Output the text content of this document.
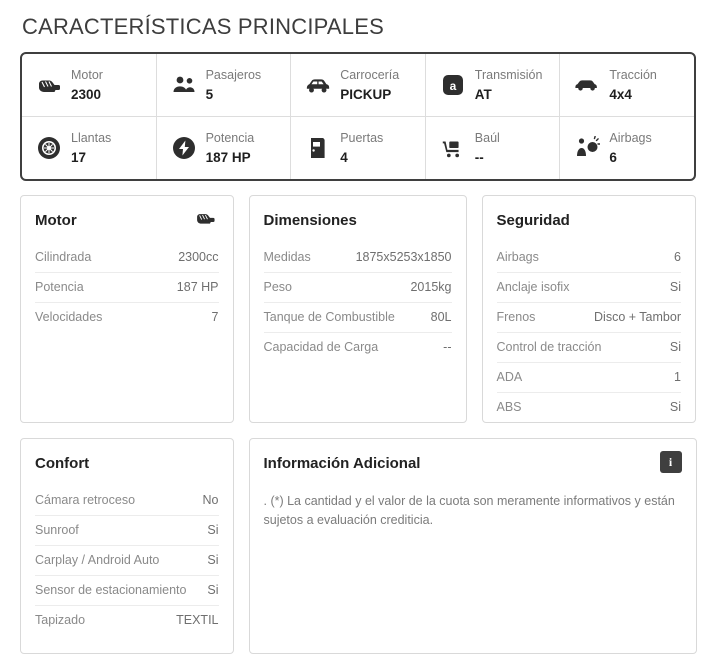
CARACTERÍSTICAS PRINCIPALES
Motor
2300
Pasajeros
5
Carrocería
PICKUP
a
Transmisión
AT
Tracción
4x4
Llantas
17
Potencia
187 HP
Puertas
4
Baúl
--
Airbags
6
Motor
Cilindrada	2300cc
Potencia	187 HP
Velocidades	7
Confort
Cámara retroceso	No
Sunroof	Si
Carplay / Android Auto	Si
Sensor de estacionamiento Si
Tapizado	TEXTIL
Dimensiones
Medidas	1875x5253x1850
Peso	2015kg
Tanque de Combustible	80L
Capacidad de Carga	--
i
Información Adicional
. (*) La cantidad y el valor de la cuota son meramente informativos y están sujetos a evaluación crediticia.
Seguridad
Airbags	6
Anclaje isofix	Si
Frenos	Disco + Tambor
Control de tracción	Si
ADA	1
ABS	Si
